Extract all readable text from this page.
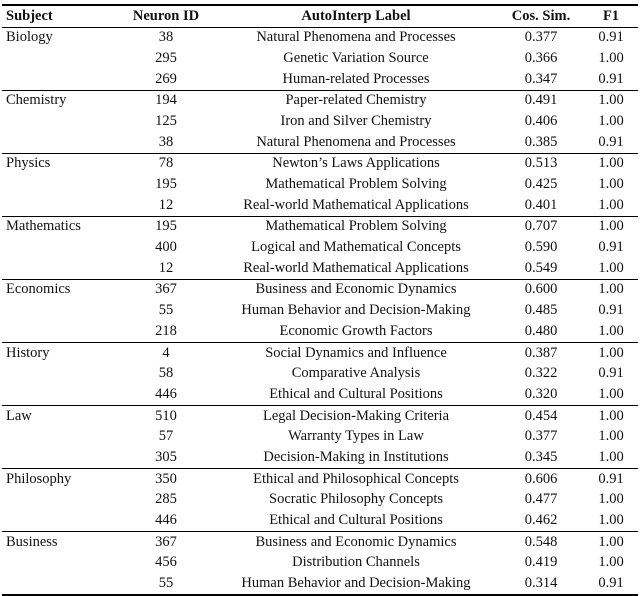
Subject	Neuron ID	AutoInterp Label	Cos. Sim.	F1
Biology	38	Natural Phenomena and Processes	0.377	0.91
	295	Genetic Variation Source	0.366	1.00
	269	Human-related Processes	0.347	0.91
Chemistry	194	Paper-related Chemistry	0.491	1.00
	125	Iron and Silver Chemistry	0.406	1.00
	38	Natural Phenomena and Processes	0.385	0.91
Physics	78	Newton’s Laws Applications	0.513	1.00
	195	Mathematical Problem Solving	0.425	1.00
	12	Real-world Mathematical Applications	0.401	1.00
Mathematics	195	Mathematical Problem Solving	0.707	1.00
	400	Logical and Mathematical Concepts	0.590	0.91
	12	Real-world Mathematical Applications	0.549	1.00
Economics	367	Business and Economic Dynamics	0.600	1.00
	55	Human Behavior and Decision-Making	0.485	0.91
	218	Economic Growth Factors	0.480	1.00
History	4	Social Dynamics and Influence	0.387	1.00
	58	Comparative Analysis	0.322	0.91
	446	Ethical and Cultural Positions	0.320	1.00
Law	510	Legal Decision-Making Criteria	0.454	1.00
	57	Warranty Types in Law	0.377	1.00
	305	Decision-Making in Institutions	0.345	1.00
Philosophy	350	Ethical and Philosophical Concepts	0.606	0.91
	285	Socratic Philosophy Concepts	0.477	1.00
	446	Ethical and Cultural Positions	0.462	1.00
Business	367	Business and Economic Dynamics	0.548	1.00
	456	Distribution Channels	0.419	1.00
	55	Human Behavior and Decision-Making	0.314	0.91
